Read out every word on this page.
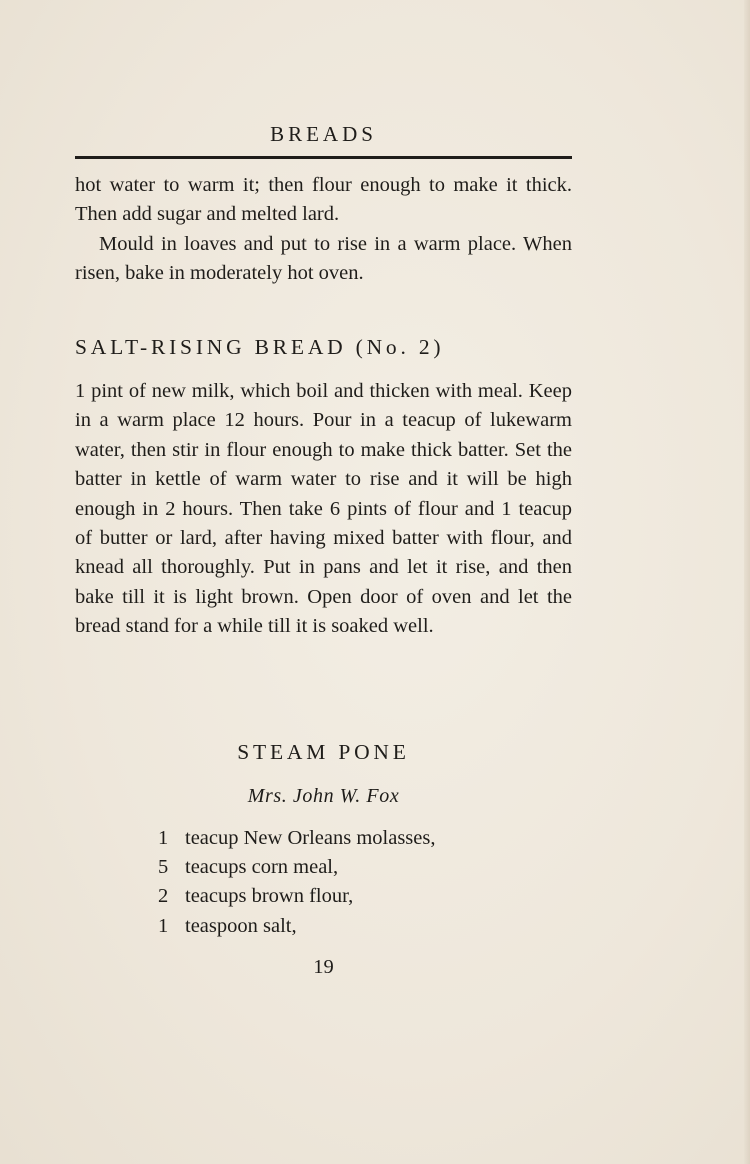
BREADS

hot water to warm it; then flour enough to make it thick. Then add sugar and melted lard.

Mould in loaves and put to rise in a warm place. When risen, bake in moderately hot oven.

SALT-RISING BREAD (No. 2)

1 pint of new milk, which boil and thicken with meal. Keep in a warm place 12 hours. Pour in a teacup of lukewarm water, then stir in flour enough to make thick batter. Set the batter in kettle of warm water to rise and it will be high enough in 2 hours. Then take 6 pints of flour and 1 teacup of butter or lard, after having mixed batter with flour, and knead all thoroughly. Put in pans and let it rise, and then bake till it is light brown. Open door of oven and let the bread stand for a while till it is soaked well.

STEAM PONE
Mrs. John W. Fox
1 teacup New Orleans molasses,
5 teacups corn meal,
2 teacups brown flour,
1 teaspoon salt,
19
